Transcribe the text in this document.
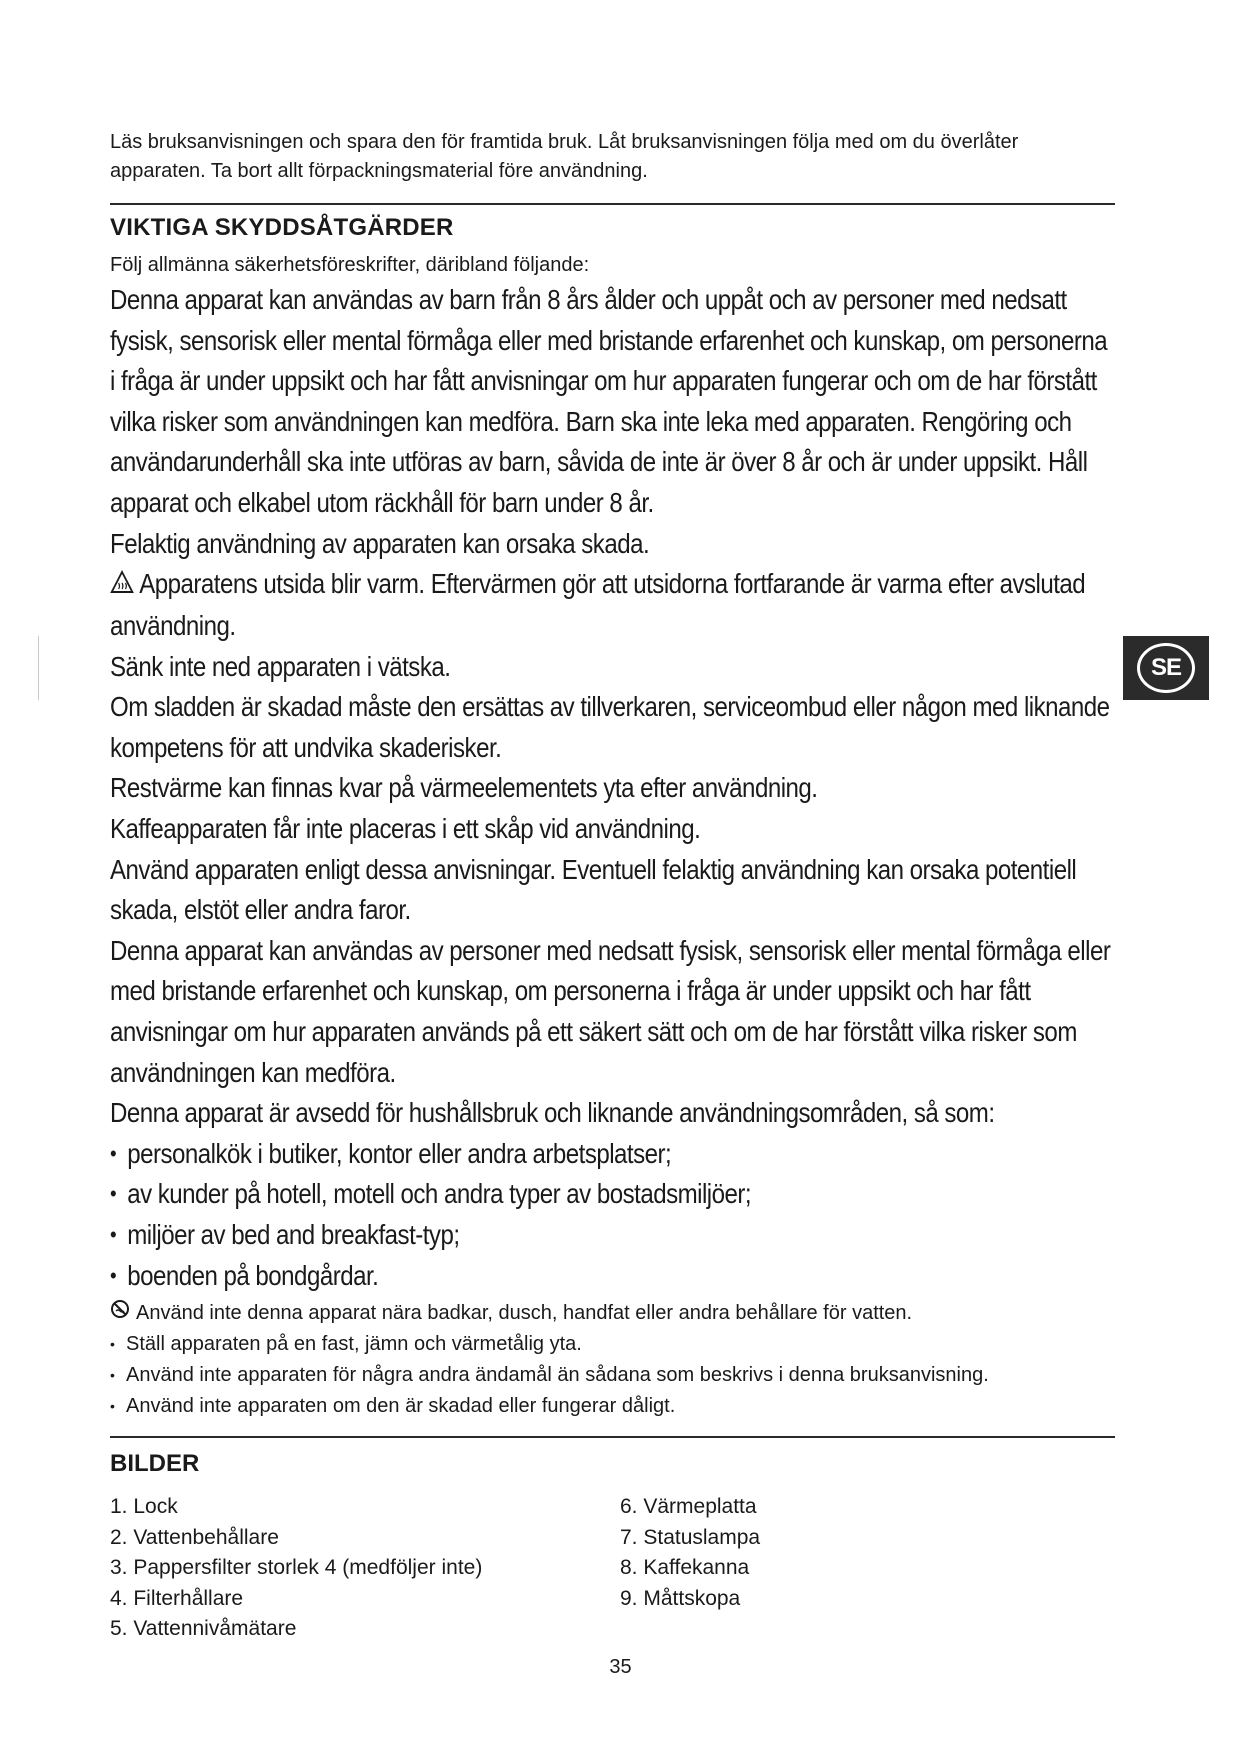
Läs bruksanvisningen och spara den för framtida bruk. Låt bruksanvisningen följa med om du överlåter

apparaten. Ta bort allt förpackningsmaterial före användning.

VIKTIGA SKYDDSÅTGÄRDER
Följ allmänna säkerhetsföreskrifter, däribland följande:

Denna apparat kan användas av barn från 8 års ålder och uppåt och av personer med nedsatt fysisk, sensorisk eller mental förmåga eller med bristande erfarenhet och kunskap, om personerna i fråga är under uppsikt och har fått anvisningar om hur apparaten fungerar och om de har förstått vilka risker som användningen kan medföra. Barn ska inte leka med apparaten. Rengöring och användarunderhåll ska inte utföras av barn, såvida de inte är över 8 år och är under uppsikt. Håll apparat och elkabel utom räckhåll för barn under 8 år.

Felaktig användning av apparaten kan orsaka skada.

Apparatens utsida blir varm. Eftervärmen gör att utsidorna fortfarande är varma efter avslutad användning.

Sänk inte ned apparaten i vätska.

Om sladden är skadad måste den ersättas av tillverkaren, serviceombud eller någon med liknande kompetens för att undvika skaderisker.

Restvärme kan finnas kvar på värmeelementets yta efter användning.

Kaffeapparaten får inte placeras i ett skåp vid användning.

Använd apparaten enligt dessa anvisningar. Eventuell felaktig användning kan orsaka potentiell skada, elstöt eller andra faror.

Denna apparat kan användas av personer med nedsatt fysisk, sensorisk eller mental förmåga eller med bristande erfarenhet och kunskap, om personerna i fråga är under uppsikt och har fått anvisningar om hur apparaten används på ett säkert sätt och om de har förstått vilka risker som användningen kan medföra.

Denna apparat är avsedd för hushållsbruk och liknande användningsområden, så som:

• personalkök i butiker, kontor eller andra arbetsplatser;
• av kunder på hotell, motell och andra typer av bostadsmiljöer;
• miljöer av bed and breakfast-typ;
• boenden på bondgårdar.

Använd inte denna apparat nära badkar, dusch, handfat eller andra behållare för vatten.

• Ställ apparaten på en fast, jämn och värmetålig yta.
• Använd inte apparaten för några andra ändamål än sådana som beskrivs i denna bruksanvisning.
• Använd inte apparaten om den är skadad eller fungerar dåligt.
BILDER
1. Lock
2. Vattenbehållare
3. Pappersfilter storlek 4 (medföljer inte)
4. Filterhållare
5. Vattennivåmätare
6. Värmeplatta
7. Statuslampa
8. Kaffekanna
9. Måttskopa
SE
35
